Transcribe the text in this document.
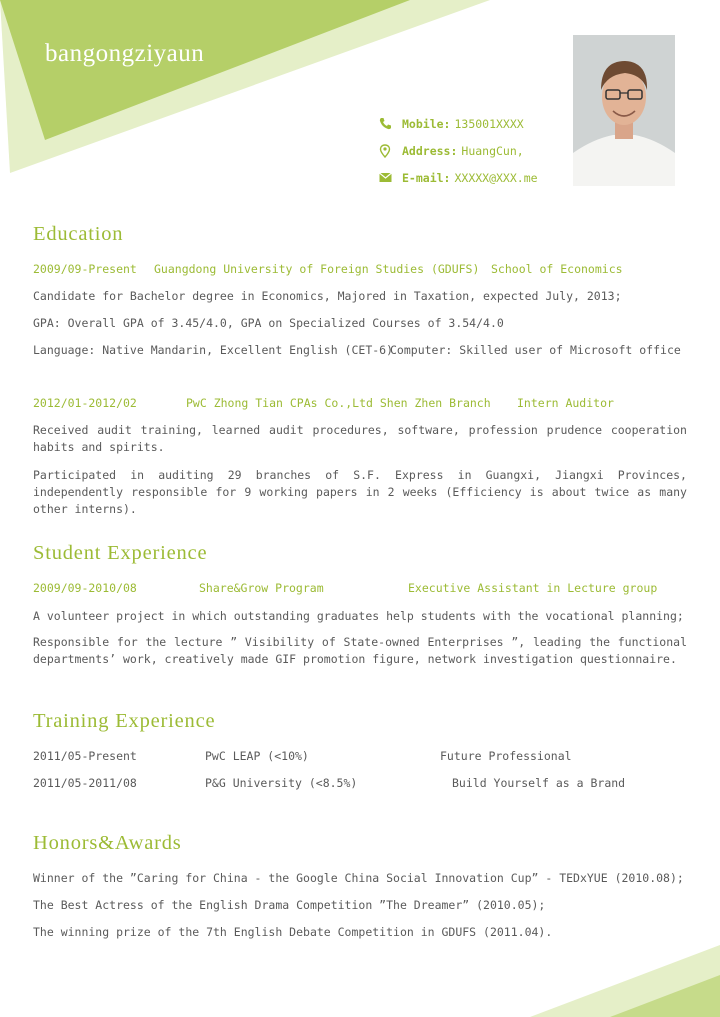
bangongziyaun
Mobile: 135001XXXX
Address: HuangCun,
E-mail: XXXXX@XXX.me
Education
2009/09-Present Guangdong University of Foreign Studies (GDUFS) School of Economics
Candidate for Bachelor degree in Economics, Majored in Taxation, expected July, 2013;
GPA: Overall GPA of 3.45/4.0, GPA on Specialized Courses of 3.54/4.0
Language: Native Mandarin, Excellent English (CET-6)
Computer: Skilled user of Microsoft office
2012/01-2012/02	PwC Zhong Tian CPAs Co.,Ltd Shen Zhen Branch Intern Auditor
Received audit training, learned audit procedures, software, profession prudence cooperation habits and spirits.
Participated in auditing 29 branches of S.F. Express in Guangxi, Jiangxi Provinces, independently responsible for 9 working papers in 2 weeks (Efficiency is about twice as many other interns).
Student Experience
2009/09-2010/08	Share&Grow Program	Executive Assistant in Lecture group
A volunteer project in which outstanding graduates help students with the vocational planning;
Responsible for the lecture ” Visibility of State-owned Enterprises ”, leading the functional departments’ work, creatively made GIF promotion figure, network investigation questionnaire.
Training Experience
2011/05-Present	PwC LEAP (<10%)	Future Professional
2011/05-2011/08	P&G University (<8.5%)	Build Yourself as a Brand
Honors&Awards
Winner of the ”Caring for China - the Google China Social Innovation Cup” - TEDxYUE (2010.08);
The Best Actress of the English Drama Competition ”The Dreamer” (2010.05);
The winning prize of the 7th English Debate Competition in GDUFS (2011.04).
